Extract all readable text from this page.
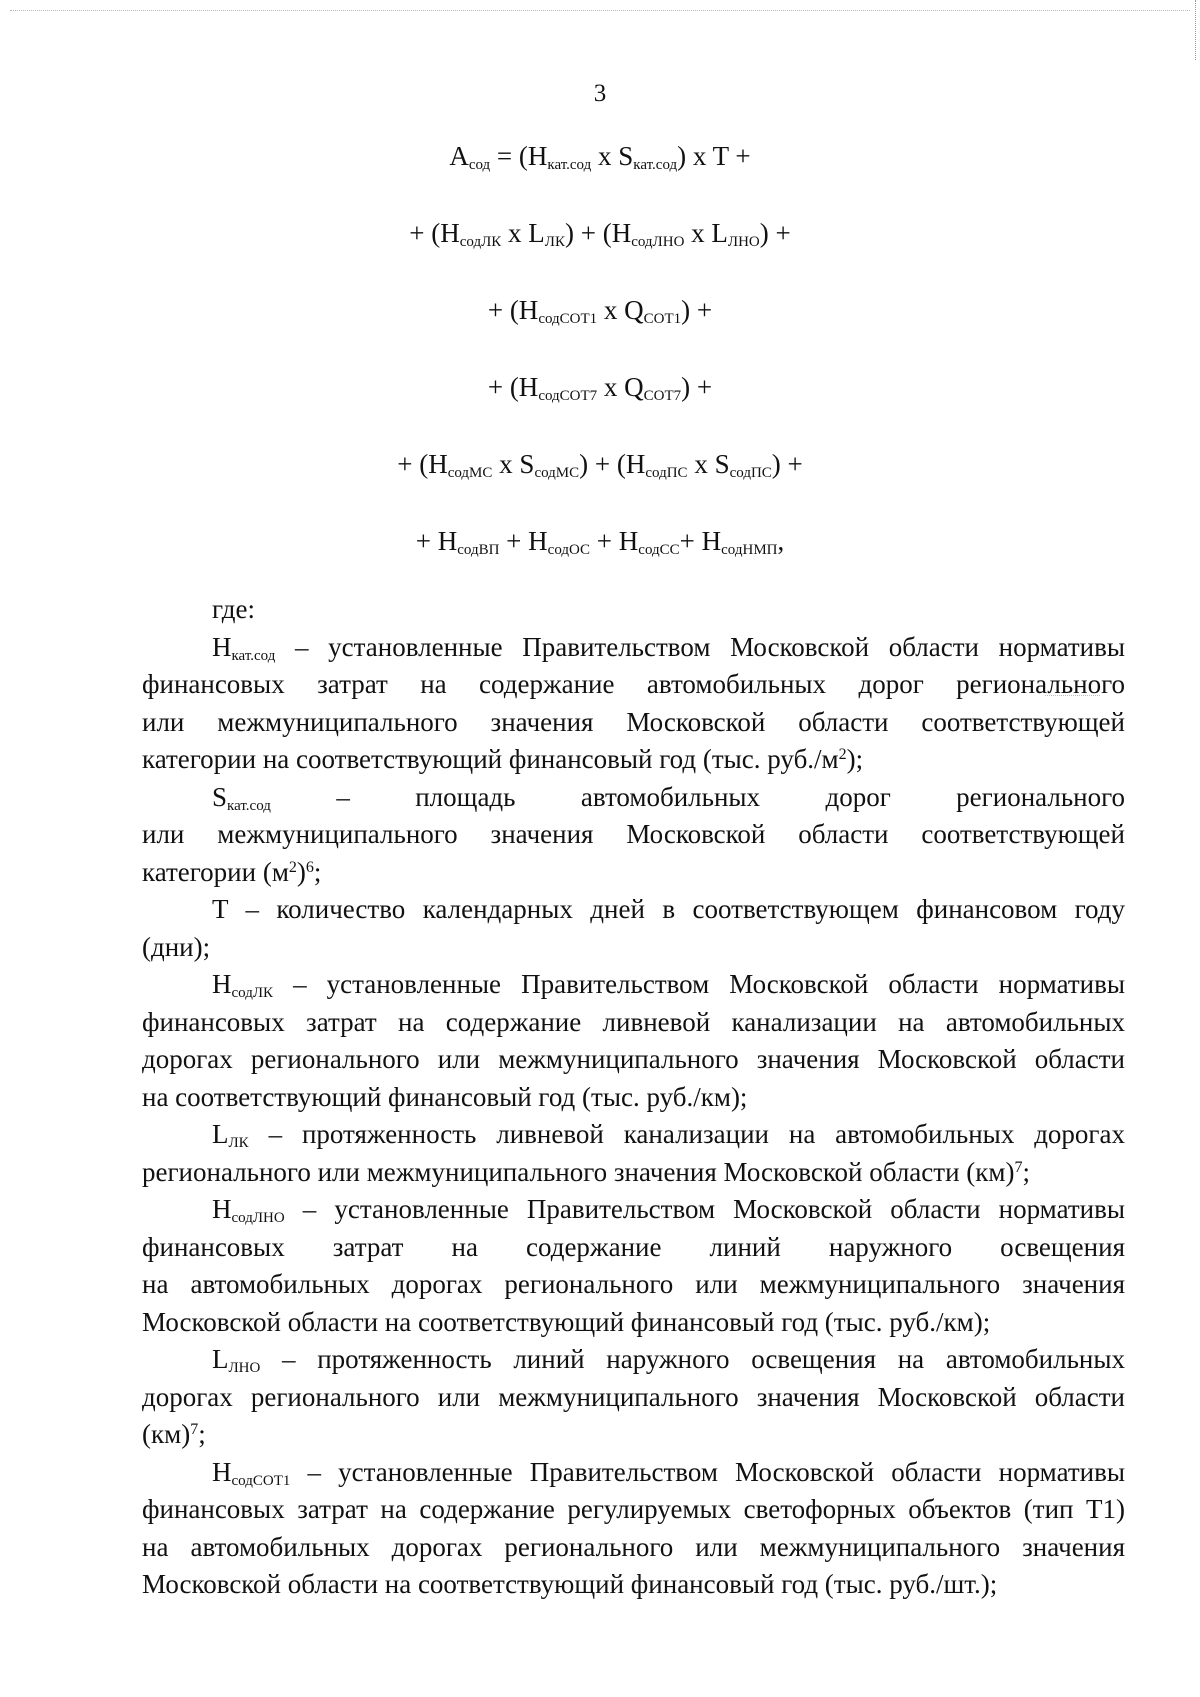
3
$A_{сод} = (H_{кат.сод}$ x $S_{кат.сод}$) x T +
+ ($H_{содЛК}$ x $L_{ЛК}) + (H_{содЛНО}$ x $L_{ЛНО}$) +
+ ($H_{содСОТ1}$ x $Q_{СОТ1}$) +
+ ($H_{содСОТ7}$ x $Q_{СОТ7}$) +
+ ($H_{содМС}$ x $S_{содМС}) + (H_{содПС}$ x $S_{содПС}$) +
+ $H_{содВП} + H_{содОС} + H_{содСС}+ H_{содНМП}$,
где:

$H_{кат.сод}$ – установленные Правительством Московской области нормативы
финансовых затрат на содержание автомобильных дорог регионального
или межмуниципального значения Московской области соответствующей
категории на соответствующий финансовый год (тыс. $руб./м^2$);

$S_{кат.сод}$ – площадь автомобильных дорог регионального
или межмуниципального значения Московской области соответствующей
категории $(м^2)^6$;

T – количество календарных дней в соответствующем финансовом году
(дни);

$H_{содЛК}$ – установленные Правительством Московской области нормативы
финансовых затрат на содержание ливневой канализации на автомобильных
дорогах регионального или межмуниципального значения Московской области
на соответствующий финансовый год (тыс. руб./км);

$L_{ЛК}$ – протяженность ливневой канализации на автомобильных дорогах
регионального или межмуниципального значения Московской области (км)$^7$;

$H_{содЛНО}$ – установленные Правительством Московской области нормативы
финансовых затрат на содержание линий наружного освещения
на автомобильных дорогах регионального или межмуниципального значения
Московской области на соответствующий финансовый год (тыс. руб./км);

$L_{ЛНО}$ – протяженность линий наружного освещения на автомобильных
дорогах регионального или межмуниципального значения Московской области
(км)$^7$;

$H_{содСОТ1}$ – установленные Правительством Московской области нормативы
финансовых затрат на содержание регулируемых светофорных объектов (тип T1)
на автомобильных дорогах регионального или межмуниципального значения
Московской области на соответствующий финансовый год (тыс. руб./шт.);
